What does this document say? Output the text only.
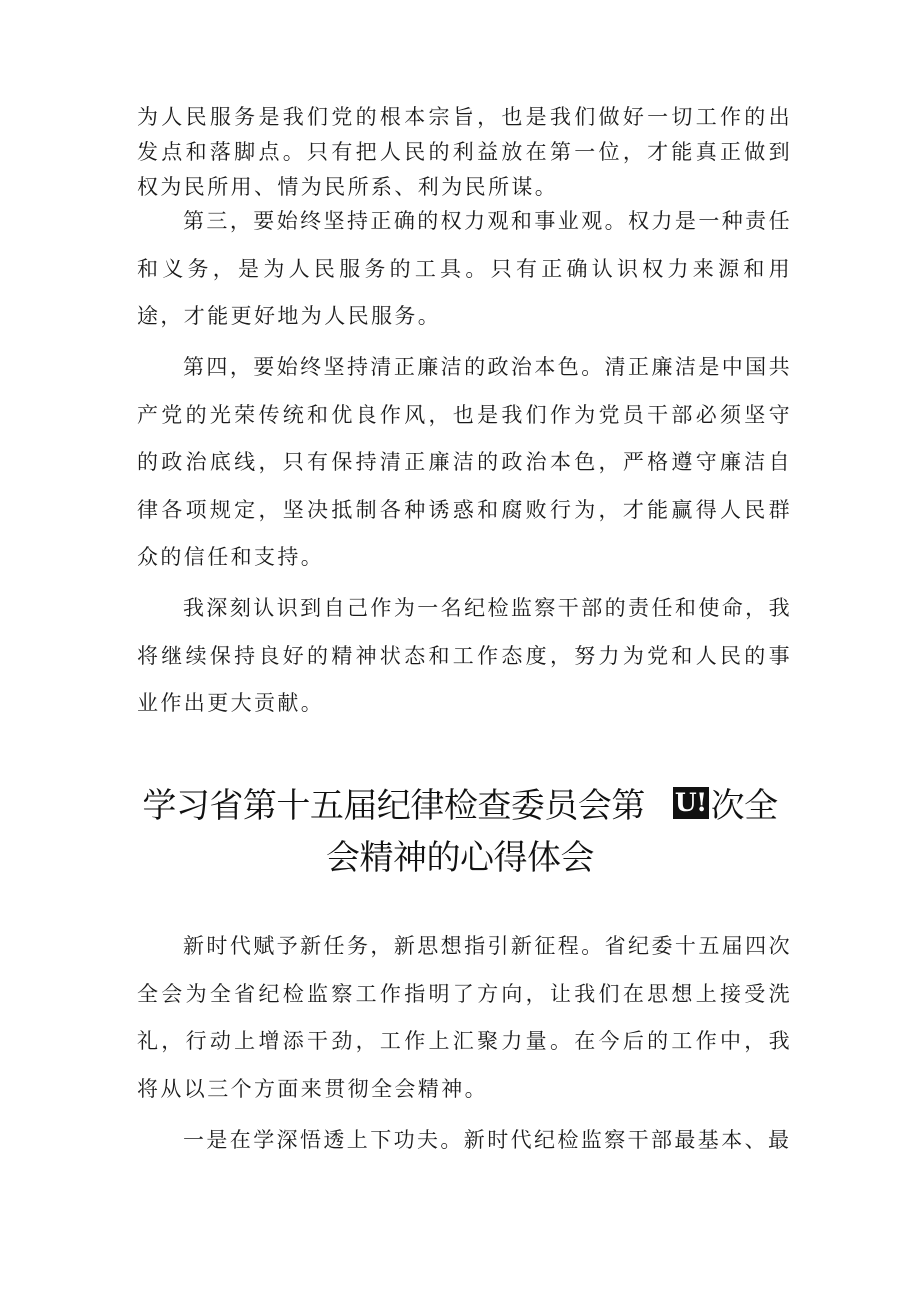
为人民服务是我们党的根本宗旨，也是我们做好一切工作的出发点和落脚点。只有把人民的利益放在第一位，才能真正做到权为民所用、情为民所系、利为民所谋。

第三，要始终坚持正确的权力观和事业观。权力是一种责任和义务，是为人民服务的工具。只有正确认识权力来源和用途，才能更好地为人民服务。

第四，要始终坚持清正廉洁的政治本色。清正廉洁是中国共产党的光荣传统和优良作风，也是我们作为党员干部必须坚守的政治底线，只有保持清正廉洁的政治本色，严格遵守廉洁自律各项规定，坚决抵制各种诱惑和腐败行为，才能赢得人民群众的信任和支持。

我深刻认识到自己作为一名纪检监察干部的责任和使命，我将继续保持良好的精神状态和工作态度，努力为党和人民的事业作出更大贡献。

学习省第十五届纪律检查委员会第 U! 次全
会精神的心得体会

新时代赋予新任务，新思想指引新征程。省纪委十五届四次全会为全省纪检监察工作指明了方向，让我们在思想上接受洗礼，行动上增添干劲，工作上汇聚力量。在今后的工作中，我将从以三个方面来贯彻全会精神。

一是在学深悟透上下功夫。新时代纪检监察干部最基本、最
